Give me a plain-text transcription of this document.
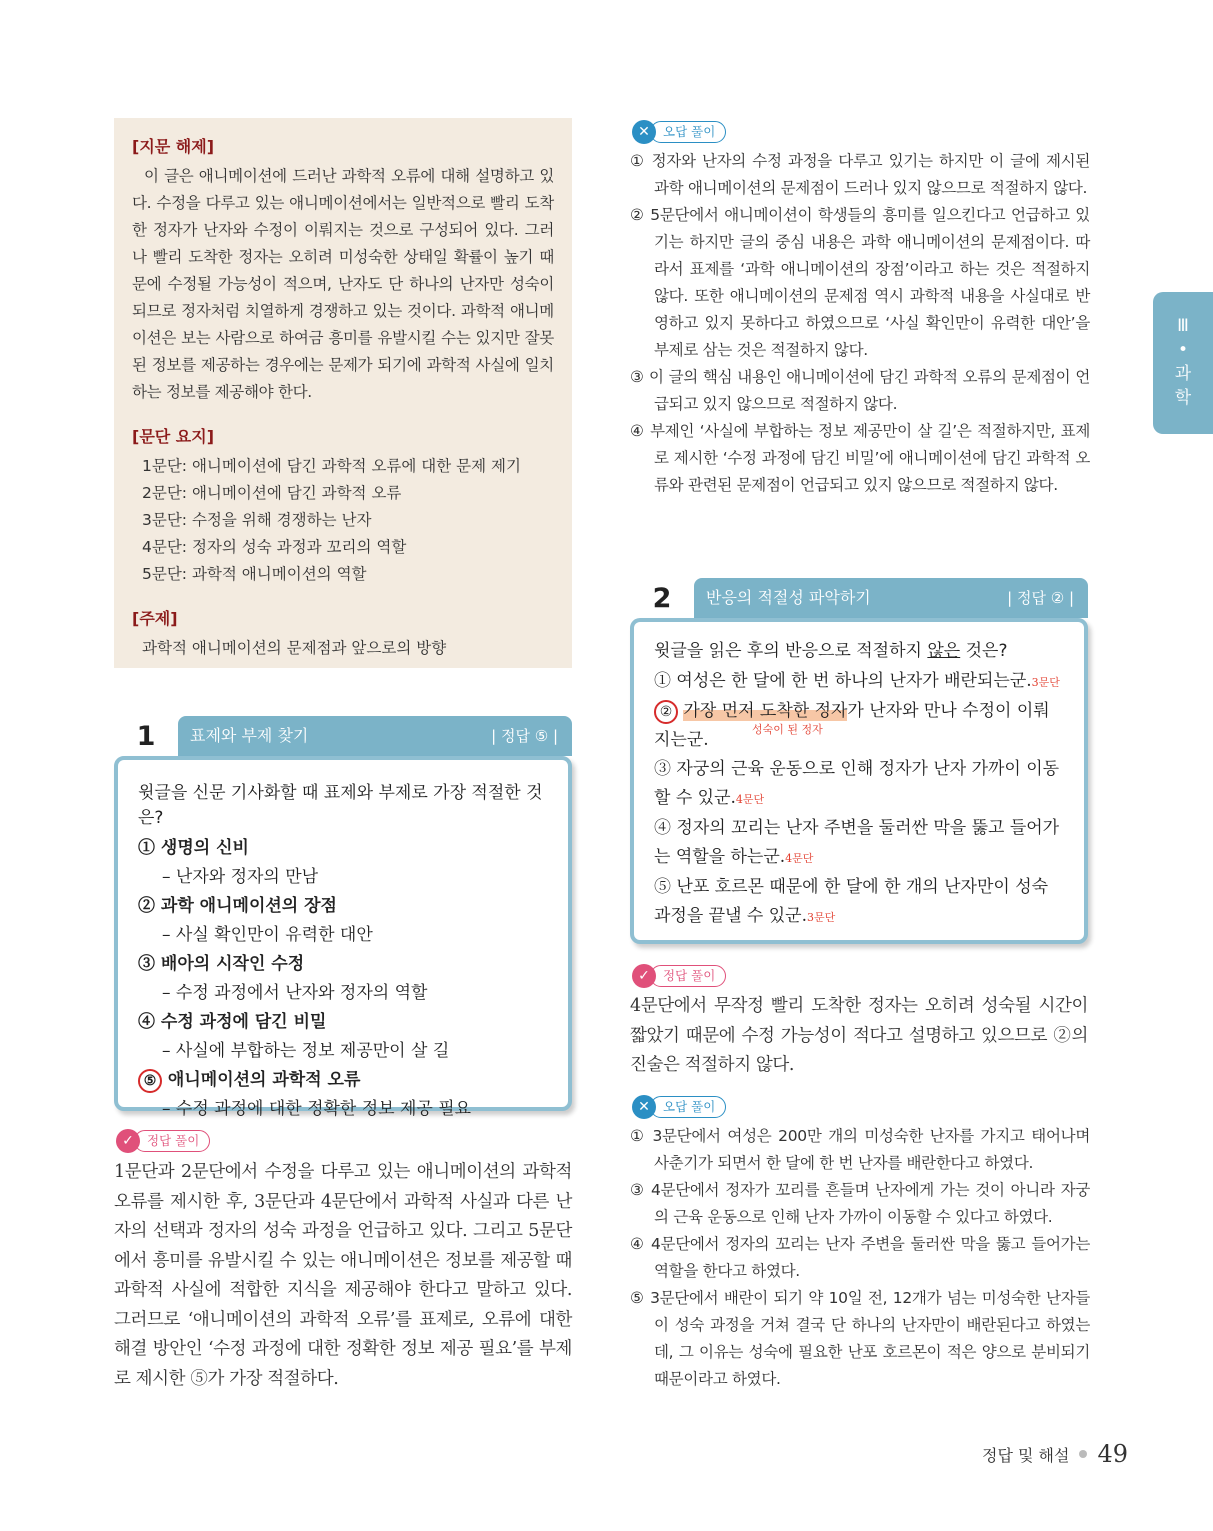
[지문 해제]
이 글은 애니메이션에 드러난 과학적 오류에 대해 설명하고 있다. 수정을 다루고 있는 애니메이션에서는 일반적으로 빨리 도착한 정자가 난자와 수정이 이뤄지는 것으로 구성되어 있다. 그러나 빨리 도착한 정자는 오히려 미성숙한 상태일 확률이 높기 때문에 수정될 가능성이 적으며, 난자도 단 하나의 난자만 성숙이 되므로 정자처럼 치열하게 경쟁하고 있는 것이다. 과학적 애니메이션은 보는 사람으로 하여금 흥미를 유발시킬 수는 있지만 잘못된 정보를 제공하는 경우에는 문제가 되기에 과학적 사실에 일치하는 정보를 제공해야 한다.
[문단 요지]
1문단: 애니메이션에 담긴 과학적 오류에 대한 문제 제기
2문단: 애니메이션에 담긴 과학적 오류
3문단: 수정을 위해 경쟁하는 난자
4문단: 정자의 성숙 과정과 꼬리의 역할
5문단: 과학적 애니메이션의 역할
[주제]
과학적 애니메이션의 문제점과 앞으로의 방향
1	표제와 부제 찾기	| 정답 ⑤ |
윗글을 신문 기사화할 때 표제와 부제로 가장 적절한 것은?
① 생명의 신비
– 난자와 정자의 만남
② 과학 애니메이션의 장점
– 사실 확인만이 유력한 대안
③ 배아의 시작인 수정
– 수정 과정에서 난자와 정자의 역할
④ 수정 과정에 담긴 비밀
– 사실에 부합하는 정보 제공만이 살 길
⑤ 애니메이션의 과학적 오류
– 수정 과정에 대한 정확한 정보 제공 필요
✓	정답 풀이
1문단과 2문단에서 수정을 다루고 있는 애니메이션의 과학적 오류를 제시한 후, 3문단과 4문단에서 과학적 사실과 다른 난자의 선택과 정자의 성숙 과정을 언급하고 있다. 그리고 5문단에서 흥미를 유발시킬 수 있는 애니메이션은 정보를 제공할 때 과학적 사실에 적합한 지식을 제공해야 한다고 말하고 있다. 그러므로 ‘애니메이션의 과학적 오류’를 표제로, 오류에 대한 해결 방안인 ‘수정 과정에 대한 정확한 정보 제공 필요’를 부제로 제시한 ⑤가 가장 적절하다.
✕	오답 풀이
① 정자와 난자의 수정 과정을 다루고 있기는 하지만 이 글에 제시된 과학 애니메이션의 문제점이 드러나 있지 않으므로 적절하지 않다.
② 5문단에서 애니메이션이 학생들의 흥미를 일으킨다고 언급하고 있기는 하지만 글의 중심 내용은 과학 애니메이션의 문제점이다. 따라서 표제를 ‘과학 애니메이션의 장점’이라고 하는 것은 적절하지 않다. 또한 애니메이션의 문제점 역시 과학적 내용을 사실대로 반영하고 있지 못하다고 하였으므로 ‘사실 확인만이 유력한 대안’을 부제로 삼는 것은 적절하지 않다.
③ 이 글의 핵심 내용인 애니메이션에 담긴 과학적 오류의 문제점이 언급되고 있지 않으므로 적절하지 않다.
④ 부제인 ‘사실에 부합하는 정보 제공만이 살 길’은 적절하지만, 표제로 제시한 ‘수정 과정에 담긴 비밀’에 애니메이션에 담긴 과학적 오류와 관련된 문제점이 언급되고 있지 않으므로 적절하지 않다.
2	반응의 적절성 파악하기	| 정답 ② |
윗글을 읽은 후의 반응으로 적절하지 않은 것은?
① 여성은 한 달에 한 번 하나의 난자가 배란되는군.3문단
② 가장 먼저 도착한 정자가 난자와 만나 수정이 이뤄지는군.
성숙이 된 정자
③ 자궁의 근육 운동으로 인해 정자가 난자 가까이 이동할 수 있군.4문단
④ 정자의 꼬리는 난자 주변을 둘러싼 막을 뚫고 들어가는 역할을 하는군.4문단
⑤ 난포 호르몬 때문에 한 달에 한 개의 난자만이 성숙 과정을 끝낼 수 있군.3문단
✓	정답 풀이
4문단에서 무작정 빨리 도착한 정자는 오히려 성숙될 시간이 짧았기 때문에 수정 가능성이 적다고 설명하고 있으므로 ②의 진술은 적절하지 않다.
✕	오답 풀이
① 3문단에서 여성은 200만 개의 미성숙한 난자를 가지고 태어나며 사춘기가 되면서 한 달에 한 번 난자를 배란한다고 하였다.
③ 4문단에서 정자가 꼬리를 흔들며 난자에게 가는 것이 아니라 자궁의 근육 운동으로 인해 난자 가까이 이동할 수 있다고 하였다.
④ 4문단에서 정자의 꼬리는 난자 주변을 둘러싼 막을 뚫고 들어가는 역할을 한다고 하였다.
⑤ 3문단에서 배란이 되기 약 10일 전, 12개가 넘는 미성숙한 난자들이 성숙 과정을 거쳐 결국 단 하나의 난자만이 배란된다고 하였는데, 그 이유는 성숙에 필요한 난포 호르몬이 적은 양으로 분비되기 때문이라고 하였다.
Ⅲ
•
과
학
정답 및 해설 49
